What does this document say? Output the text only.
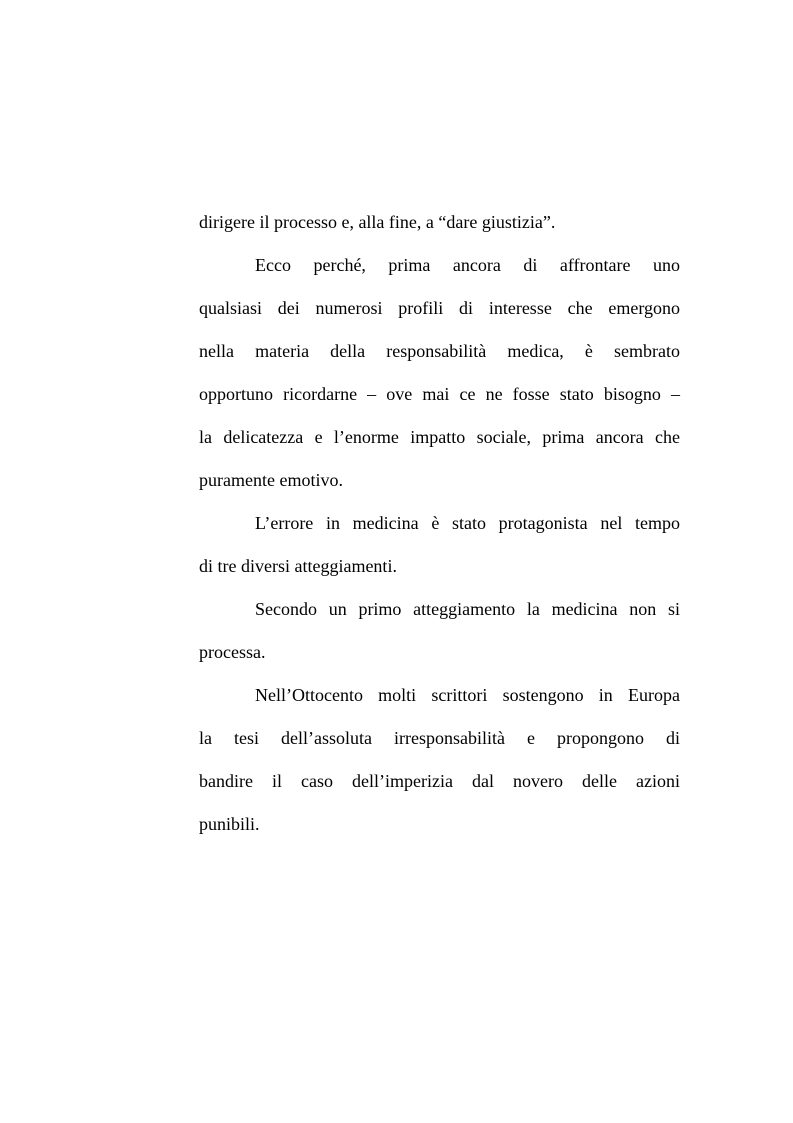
dirigere il processo e, alla fine, a “dare giustizia”.
Ecco perché, prima ancora di affrontare uno
qualsiasi dei numerosi profili di interesse che emergono
nella materia della responsabilità medica, è sembrato
opportuno ricordarne – ove mai ce ne fosse stato bisogno –
la delicatezza e l’enorme impatto sociale, prima ancora che
puramente emotivo.
L’errore in medicina è stato protagonista nel tempo
di tre diversi atteggiamenti.
Secondo un primo atteggiamento la medicina non si
processa.
Nell’Ottocento molti scrittori sostengono in Europa
la tesi dell’assoluta irresponsabilità e propongono di
bandire il caso dell’imperizia dal novero delle azioni
punibili.
